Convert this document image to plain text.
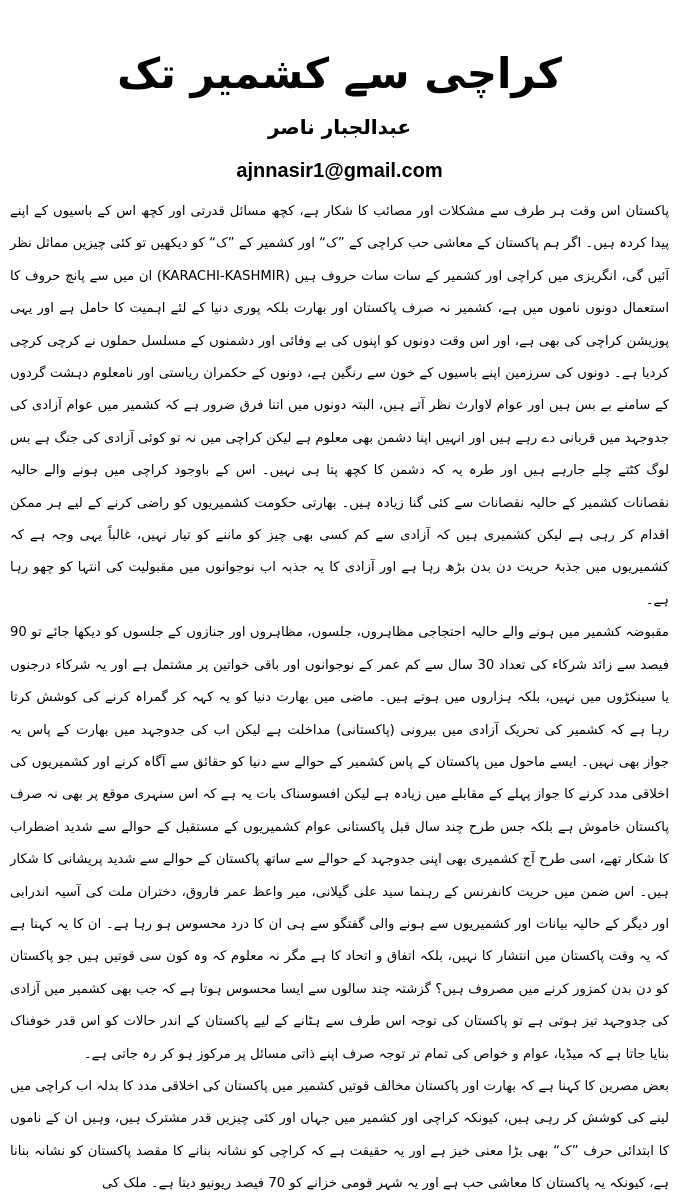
کراچی سے کشمیر تک
عبدالجبار ناصر
ajnnasir1@gmail.com

پاکستان اس وقت ہر طرف سے مشکلات اور مصائب کا شکار ہے، کچھ مسائل قدرتی اور کچھ اس کے باسیوں کے اپنے پیدا کردہ ہیں۔ اگر ہم پاکستان کے معاشی حب کراچی کے ”ک“ اور کشمیر کے ”ک“ کو دیکھیں تو کئی چیزیں مماثل نظر آئیں گی، انگریزی میں کراچی اور کشمیر کے سات سات حروف ہیں (KARACHI-KASHMIR) ان میں سے پانچ حروف کا استعمال دونوں ناموں میں ہے، کشمیر نہ صرف پاکستان اور بھارت بلکہ پوری دنیا کے لئے اہمیت کا حامل ہے اور یہی پوزیشن کراچی کی بھی ہے، اور اس وقت دونوں کو اپنوں کی بے وفائی اور دشمنوں کے مسلسل حملوں نے کرچی کرچی کردیا ہے۔ دونوں کی سرزمین اپنے باسیوں کے خون سے رنگین ہے، دونوں کے حکمران ریاستی اور نامعلوم دہشت گردوں کے سامنے بے بس ہیں اور عوام لاوارث نظر آتے ہیں، البتہ دونوں میں اتنا فرق ضرور ہے کہ کشمیر میں عوام آزادی کی جدوجہد میں قربانی دے رہے ہیں اور انہیں اپنا دشمن بھی معلوم ہے لیکن کراچی میں نہ تو کوئی آزادی کی جنگ ہے بس لوگ کٹتے چلے جارہے ہیں اور طرہ یہ کہ دشمن کا کچھ پتا ہی نہیں۔ اس کے باوجود کراچی میں ہونے والے حالیہ نقصانات کشمیر کے حالیہ نقصانات سے کئی گنا زیادہ ہیں۔ بھارتی حکومت کشمیریوں کو راضی کرنے کے لیے ہر ممکن اقدام کر رہی ہے لیکن کشمیری ہیں کہ آزادی سے کم کسی بھی چیز کو ماننے کو تیار نہیں، غالباً یہی وجہ ہے کہ کشمیریوں میں جذبۂ حریت دن بدن بڑھ رہا ہے اور آزادی کا یہ جذبہ اب نوجوانوں میں مقبولیت کی انتہا کو چھو رہا ہے۔

مقبوضہ کشمیر میں ہونے والے حالیہ احتجاجی مظاہروں، جلسوں، مظاہروں اور جنازوں کے جلسوں کو دیکھا جائے تو 90 فیصد سے زائد شرکاء کی تعداد 30 سال سے کم عمر کے نوجوانوں اور باقی خواتین پر مشتمل ہے اور یہ شرکاء درجنوں یا سینکڑوں میں نہیں، بلکہ ہزاروں میں ہوتے ہیں۔ ماضی میں بھارت دنیا کو یہ کہہ کر گمراہ کرنے کی کوشش کرتا رہا ہے کہ کشمیر کی تحریک آزادی میں بیرونی (پاکستانی) مداخلت ہے لیکن اب کی جدوجہد میں بھارت کے پاس یہ جواز بھی نہیں۔ ایسے ماحول میں پاکستان کے پاس کشمیر کے حوالے سے دنیا کو حقائق سے آگاہ کرنے اور کشمیریوں کی اخلاقی مدد کرنے کا جواز پہلے کے مقابلے میں زیادہ ہے لیکن افسوسناک بات یہ ہے کہ اس سنہری موقع پر بھی نہ صرف پاکستان خاموش ہے بلکہ جس طرح چند سال قبل پاکستانی عوام کشمیریوں کے مستقبل کے حوالے سے شدید اضطراب کا شکار تھے، اسی طرح آج کشمیری بھی اپنی جدوجہد کے حوالے سے ساتھ پاکستان کے حوالے سے شدید پریشانی کا شکار ہیں۔ اس ضمن میں حریت کانفرنس کے رہنما سید علی گیلانی، میر واعظ عمر فاروق، دختران ملت کی آسیہ اندرابی اور دیگر کے حالیہ بیانات اور کشمیریوں سے ہونے والی گفتگو سے ہی ان کا درد محسوس ہو رہا ہے۔ ان کا یہ کہنا ہے کہ یہ وقت پاکستان میں انتشار کا نہیں، بلکہ اتفاق و اتحاد کا ہے مگر نہ معلوم کہ وہ کون سی قوتیں ہیں جو پاکستان کو دن بدن کمزور کرنے میں مصروف ہیں؟ گزشتہ چند سالوں سے ایسا محسوس ہوتا ہے کہ جب بھی کشمیر میں آزادی کی جدوجہد تیز ہوتی ہے تو پاکستان کی توجہ اس طرف سے ہٹانے کے لیے پاکستان کے اندر حالات کو اس قدر خوفناک بنایا جاتا ہے کہ میڈیا، عوام و خواص کی تمام تر توجہ صرف اپنے ذاتی مسائل پر مرکوز ہو کر رہ جاتی ہے۔

بعض مصرین کا کہنا ہے کہ بھارت اور پاکستان مخالف قوتیں کشمیر میں پاکستان کی اخلاقی مدد کا بدلہ اب کراچی میں لینے کی کوشش کر رہی ہیں، کیونکہ کراچی اور کشمیر میں جہاں اور کئی چیزیں قدر مشترک ہیں، وہیں ان کے ناموں کا ابتدائی حرف ”ک“ بھی بڑا معنی خیز ہے اور یہ حقیقت ہے کہ کراچی کو نشانہ بنانے کا مقصد پاکستان کو نشانہ بنانا ہے، کیونکہ یہ پاکستان کا معاشی حب ہے اور یہ شہر قومی خزانے کو 70 فیصد ریونیو دیتا ہے۔ ملک کی
